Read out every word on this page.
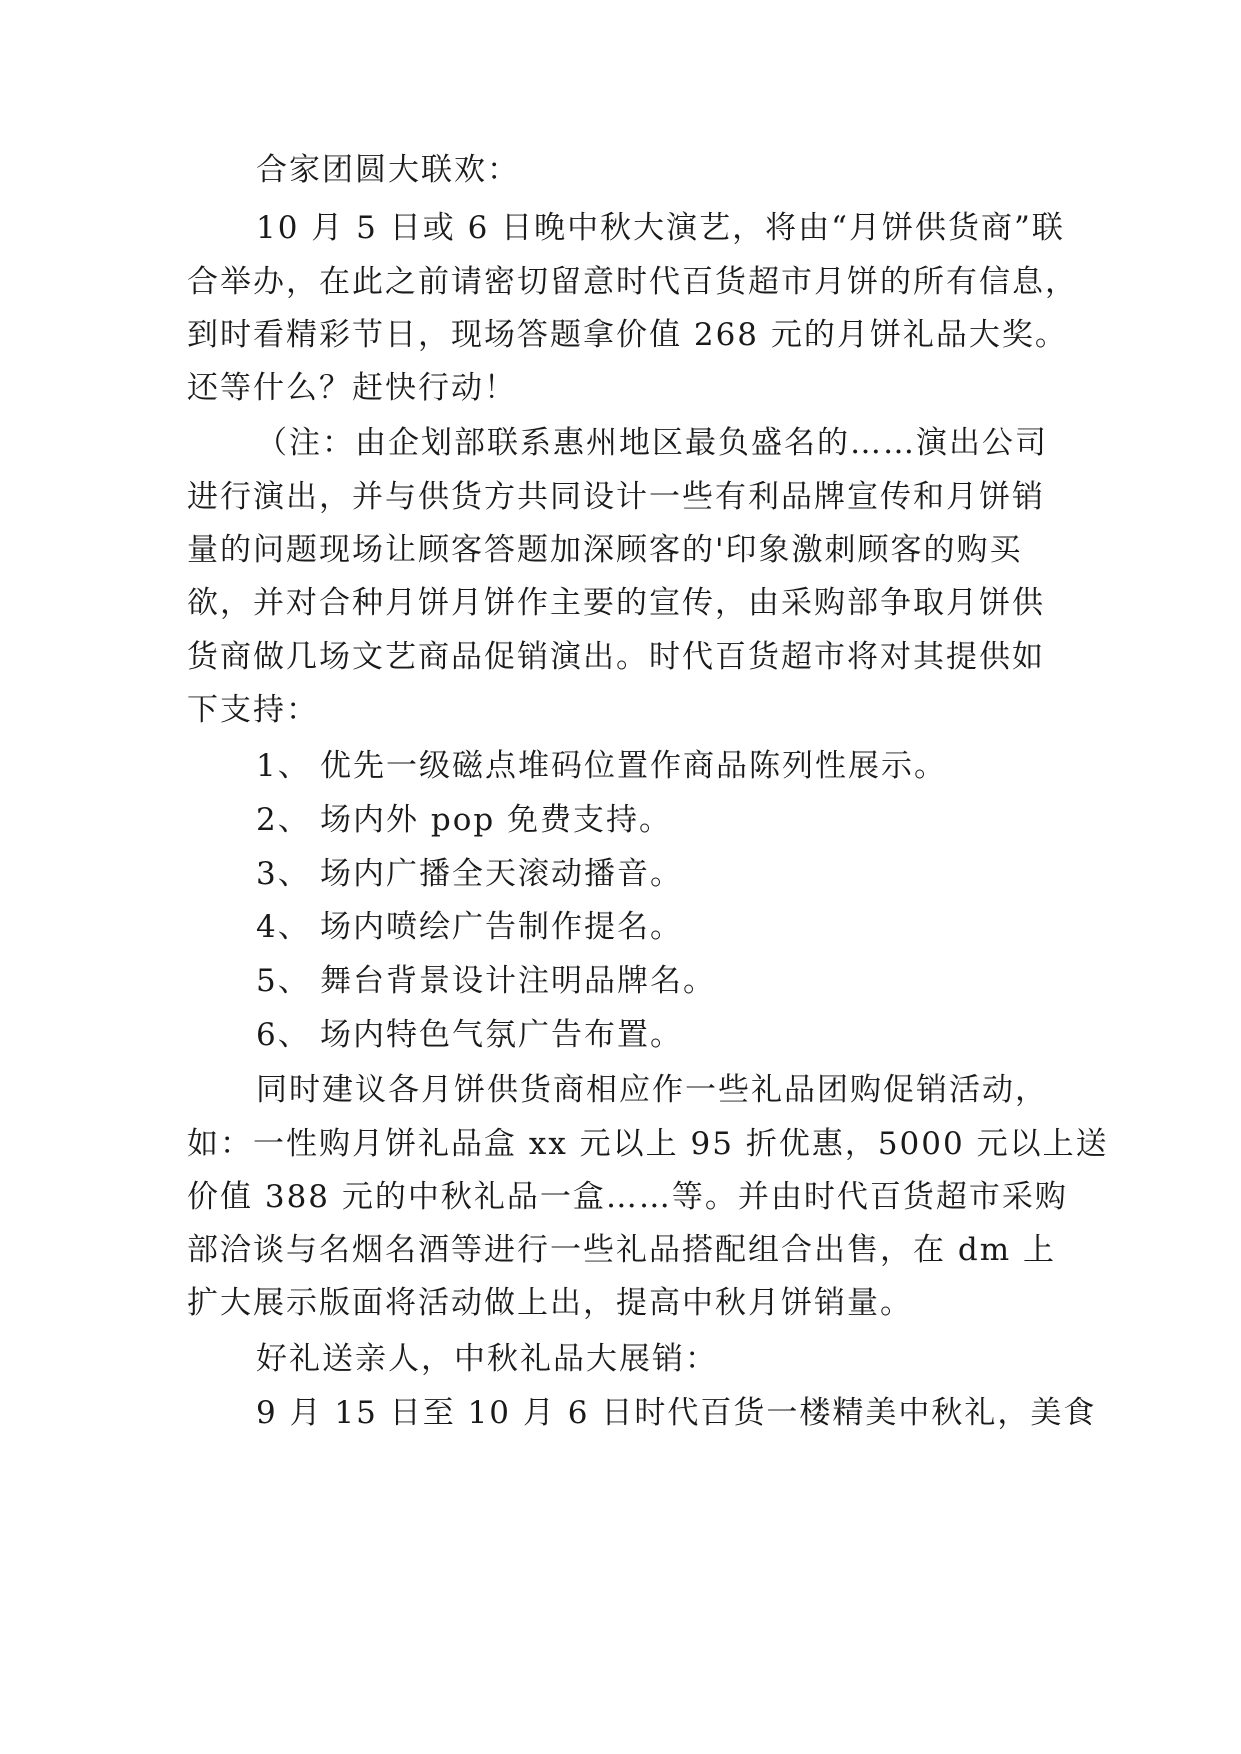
合家团圆大联欢：
10 月 5 日或 6 日晚中秋大演艺，将由“月饼供货商”联
合举办，在此之前请密切留意时代百货超市月饼的所有信息，
到时看精彩节日，现场答题拿价值 268 元的月饼礼品大奖。
还等什么？赶快行动！
（注：由企划部联系惠州地区最负盛名的……演出公司
进行演出，并与供货方共同设计一些有利品牌宣传和月饼销
量的问题现场让顾客答题加深顾客的'印象激刺顾客的购买
欲，并对合种月饼月饼作主要的宣传，由采购部争取月饼供
货商做几场文艺商品促销演出。时代百货超市将对其提供如
下支持：
1、 优先一级磁点堆码位置作商品陈列性展示。
2、 场内外 pop 免费支持。
3、 场内广播全天滚动播音。
4、 场内喷绘广告制作提名。
5、 舞台背景设计注明品牌名。
6、 场内特色气氛广告布置。
同时建议各月饼供货商相应作一些礼品团购促销活动，
如：一性购月饼礼品盒 xx 元以上 95 折优惠，5000 元以上送
价值 388 元的中秋礼品一盒……等。并由时代百货超市采购
部洽谈与名烟名酒等进行一些礼品搭配组合出售，在 dm 上
扩大展示版面将活动做上出，提高中秋月饼销量。
好礼送亲人，中秋礼品大展销：
9 月 15 日至 10 月 6 日时代百货一楼精美中秋礼，美食
